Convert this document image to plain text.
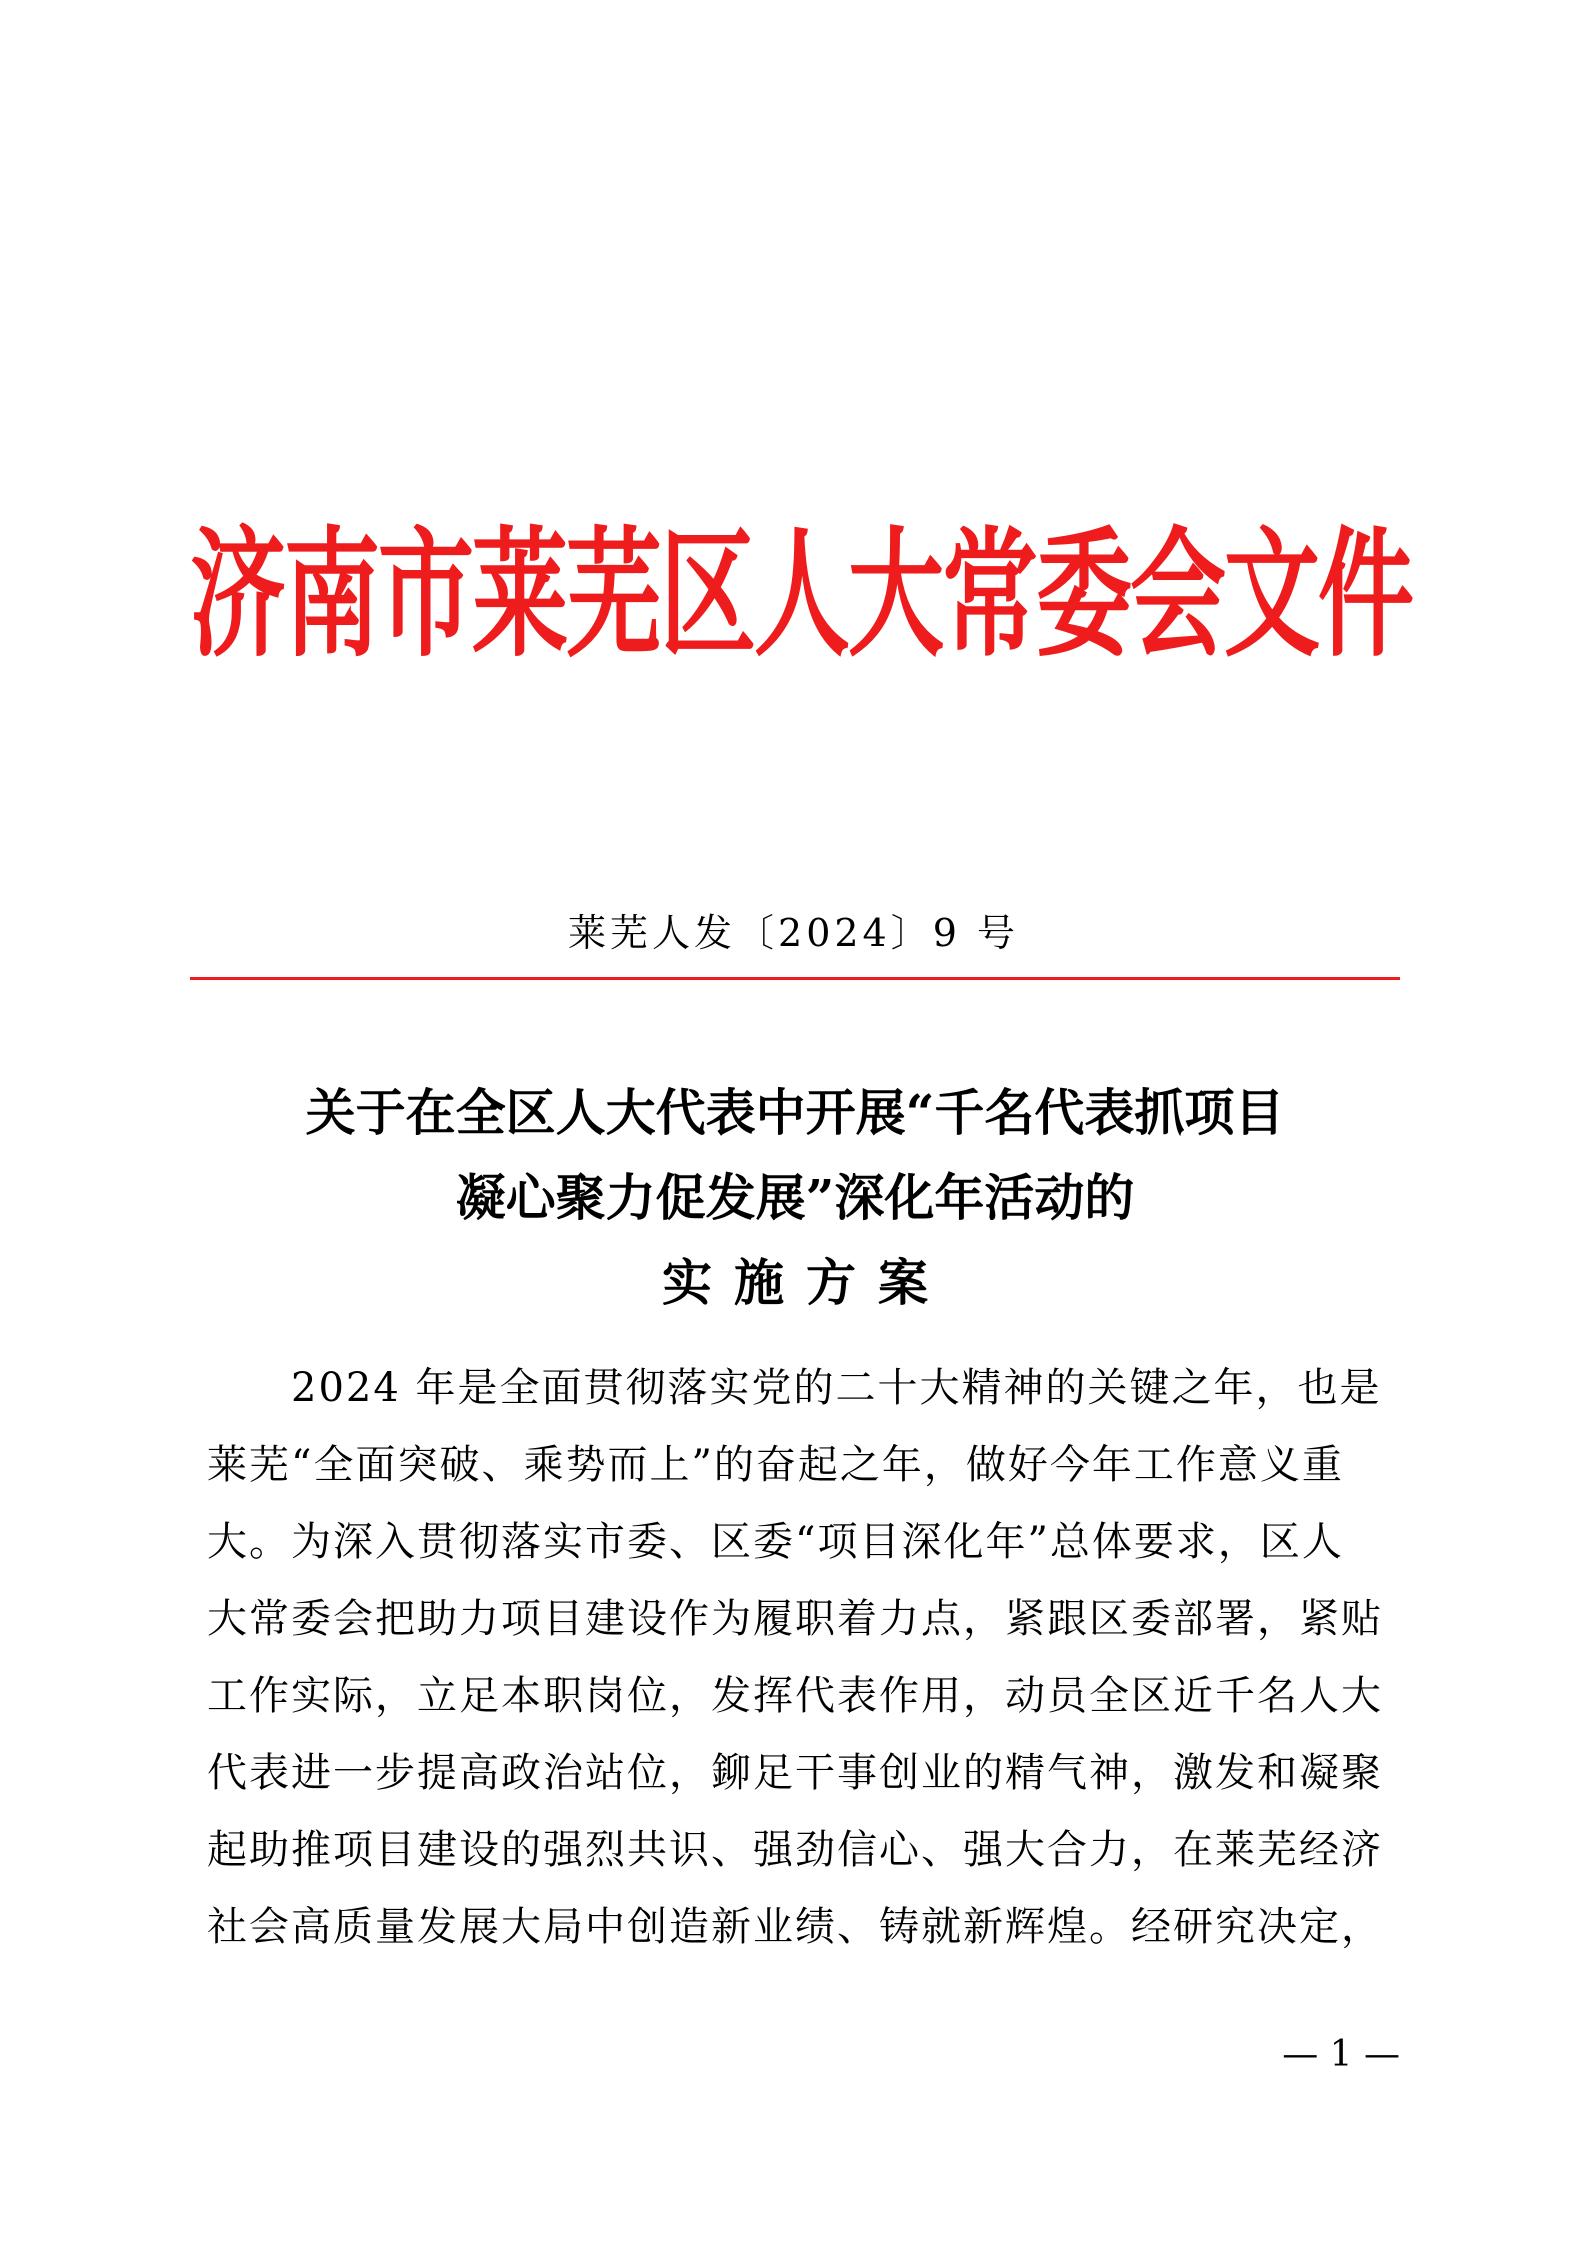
济南市莱芜区人大常委会文件
莱芜人发〔2024〕9 号
关于在全区人大代表中开展“千名代表抓项目
凝心聚力促发展”深化年活动的
实施方案
　　2024 年是全面贯彻落实党的二十大精神的关键之年，也是
莱芜“全面突破、乘势而上”的奋起之年，做好今年工作意义重
大。为深入贯彻落实市委、区委“项目深化年”总体要求，区人
大常委会把助力项目建设作为履职着力点，紧跟区委部署，紧贴
工作实际，立足本职岗位，发挥代表作用，动员全区近千名人大
代表进一步提高政治站位，鉚足干事创业的精气神，激发和凝聚
起助推项目建设的强烈共识、强劲信心、强大合力，在莱芜经济
社会高质量发展大局中创造新业绩、铸就新辉煌。经研究决定，
— 1 —
